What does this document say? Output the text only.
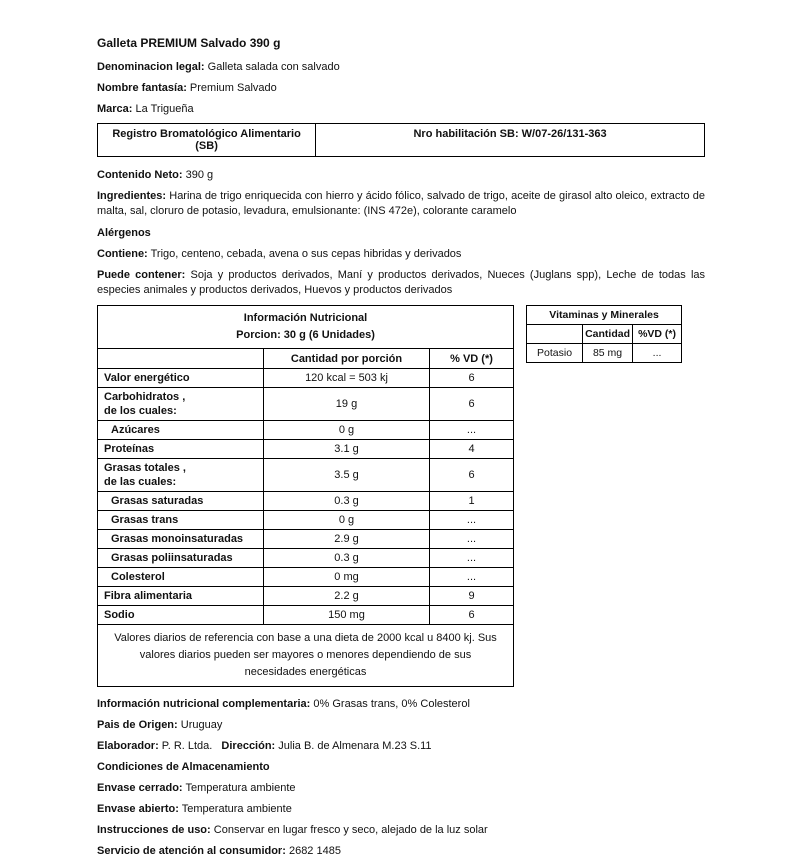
Galleta PREMIUM Salvado 390 g

Denominacion legal: Galleta salada con salvado

Nombre fantasía: Premium Salvado

Marca: La Trigueña

Registro Bromatológico Alimentario (SB)
Nro habilitación SB: W/07-26/131-363

Contenido Neto: 390 g

Ingredientes: Harina de trigo enriquecida con hierro y ácido fólico, salvado de trigo, aceite de girasol alto oleico, extracto de malta, sal, cloruro de potasio, levadura, emulsionante: (INS 472e), colorante caramelo

Alérgenos

Contiene: Trigo, centeno, cebada, avena o sus cepas hibridas y derivados

Puede contener: Soja y productos derivados, Maní y productos derivados, Nueces (Juglans spp), Leche de todas las especies animales y productos derivados, Huevos y productos derivados

Información Nutricional
Porcion: 30 g (6 Unidades)		

	Cantidad por porción	% VD (*)
Valor energético	120 kcal = 503 kj	6

Carbohidratos ,
de los cuales:	19 g	6
Azúcares	0 g	...
Proteínas	3.1 g	4

Grasas totales ,
de las cuales:	3.5 g	6
Grasas saturadas	0.3 g	1
Grasas trans	0 g	...
Grasas monoinsaturadas	2.9 g	...
Grasas poliinsaturadas	0.3 g	...
Colesterol	0 mg	...
Fibra alimentaria	2.2 g	9
Sodio	150 mg	6
Valores diarios de referencia con base a una dieta de 2000 kcal u 8400 kj. Sus valores diarios pueden ser mayores o menores dependiendo de sus necesidades energéticas		
Vitaminas y Minerales		
	Cantidad	%VD (*)
Potasio	85 mg	...

Información nutricional complementaria: 0% Grasas trans, 0% Colesterol

Pais de Origen: Uruguay

Elaborador: P. R. Ltda. Dirección: Julia B. de Almenara M.23 S.11

Condiciones de Almacenamiento

Envase cerrado: Temperatura ambiente

Envase abierto: Temperatura ambiente

Instrucciones de uso: Conservar en lugar fresco y seco, alejado de la luz solar

Servicio de atención al consumidor: 2682 1485
